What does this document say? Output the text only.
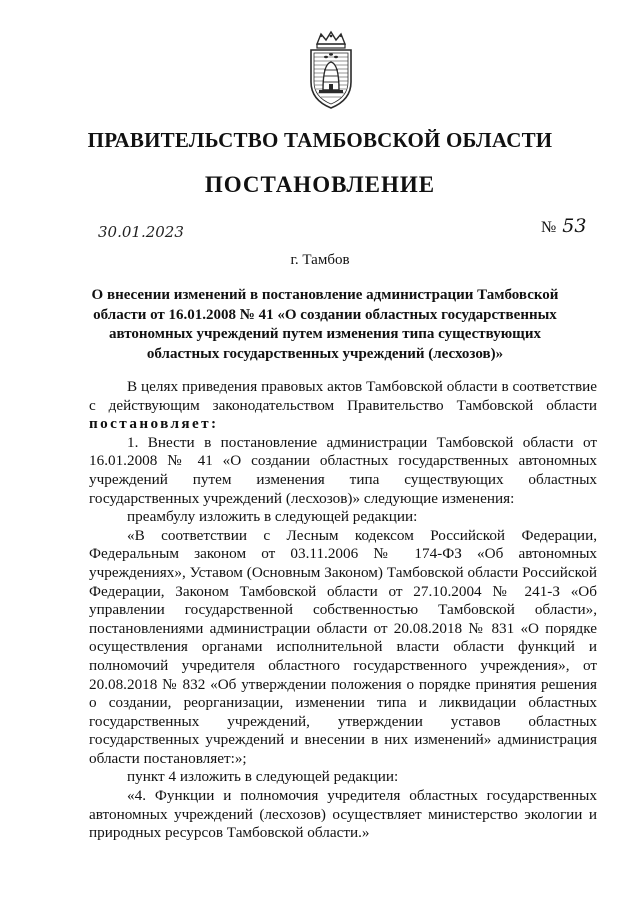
ПРАВИТЕЛЬСТВО ТАМБОВСКОЙ ОБЛАСТИ
ПОСТАНОВЛЕНИЕ
30.01.2023	№ 53
г. Тамбов
О внесении изменений в постановление администрации Тамбовской области от 16.01.2008 № 41 «О создании областных государственных автономных учреждений путем изменения типа существующих областных государственных учреждений (лесхозов)»

В целях приведения правовых актов Тамбовской области в соответствие с действующим законодательством Правительство Тамбовской области постановляет:

1. Внести в постановление администрации Тамбовской области от 16.01.2008 № 41 «О создании областных государственных автономных учреждений путем изменения типа существующих областных государственных учреждений (лесхозов)» следующие изменения:

преамбулу изложить в следующей редакции:

«В соответствии с Лесным кодексом Российской Федерации, Федеральным законом от 03.11.2006 № 174-ФЗ «Об автономных учреждениях», Уставом (Основным Законом) Тамбовской области Российской Федерации, Законом Тамбовской области от 27.10.2004 № 241-З «Об управлении государственной собственностью Тамбовской области», постановлениями администрации области от 20.08.2018 № 831 «О порядке осуществления органами исполнительной власти области функций и полномочий учредителя областного государственного учреждения», от 20.08.2018 № 832 «Об утверждении положения о порядке принятия решения о создании, реорганизации, изменении типа и ликвидации областных государственных учреждений, утверждении уставов областных государственных учреждений и внесении в них изменений» администрация области постановляет:»;

пункт 4 изложить в следующей редакции:

«4. Функции и полномочия учредителя областных государственных автономных учреждений (лесхозов) осуществляет министерство экологии и природных ресурсов Тамбовской области.»
